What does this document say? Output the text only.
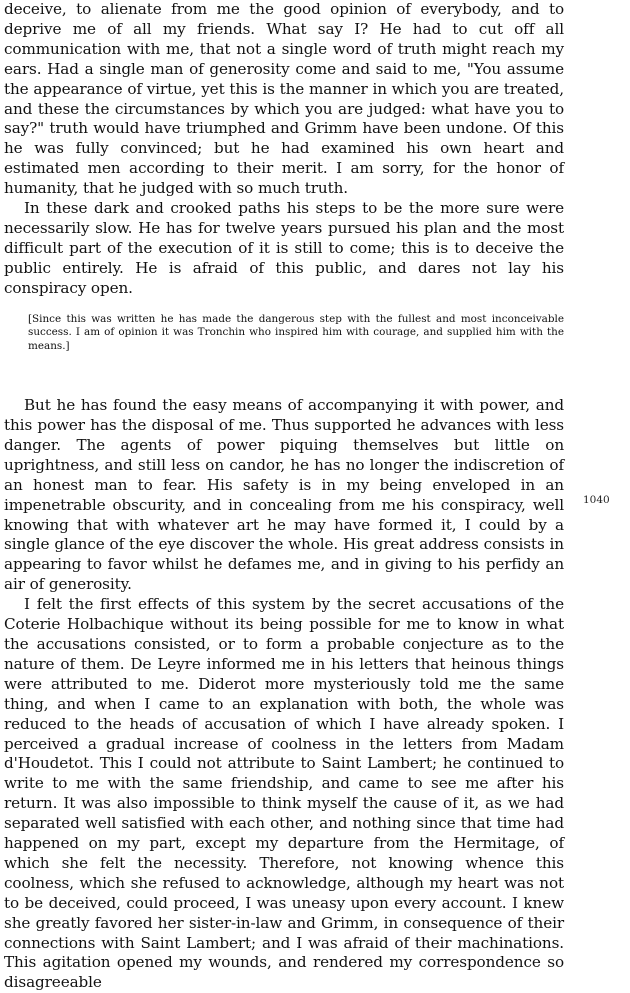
deceive, to alienate from me the good opinion of everybody, and to deprive me of all my friends. What say I? He had to cut off all communication with me, that not a single word of truth might reach my ears. Had a single man of generosity come and said to me, "You assume the appearance of virtue, yet this is the manner in which you are treated, and these the circumstances by which you are judged: what have you to say?" truth would have triumphed and Grimm have been undone. Of this he was fully convinced; but he had examined his own heart and estimated men according to their merit. I am sorry, for the honor of humanity, that he judged with so much truth.

In these dark and crooked paths his steps to be the more sure were necessarily slow. He has for twelve years pursued his plan and the most difficult part of the execution of it is still to come; this is to deceive the public entirely. He is afraid of this public, and dares not lay his conspiracy open.

[Since this was written he has made the dangerous step with the fullest and most inconceivable success. I am of opinion it was Tronchin who inspired him with courage, and supplied him with the means.]

But he has found the easy means of accompanying it with power, and this power has the disposal of me. Thus supported he advances with less danger. The agents of power piquing themselves but little on uprightness, and still less on candor, he has no longer the indiscretion of an honest man to fear. His safety is in my being enveloped in an impenetrable obscurity, and in concealing from me his conspiracy, well knowing that with whatever art he may have formed it, I could by a single glance of the eye discover the whole. His great address consists in appearing to favor whilst he defames me, and in giving to his perfidy an air of generosity.

I felt the first effects of this system by the secret accusations of the Coterie Holbachique without its being possible for me to know in what the accusations consisted, or to form a probable conjecture as to the nature of them. De Leyre informed me in his letters that heinous things were attributed to me. Diderot more mysteriously told me the same thing, and when I came to an explanation with both, the whole was reduced to the heads of accusation of which I have already spoken. I perceived a gradual increase of coolness in the letters from Madam d'Houdetot. This I could not attribute to Saint Lambert; he continued to write to me with the same friendship, and came to see me after his return. It was also impossible to think myself the cause of it, as we had separated well satisfied with each other, and nothing since that time had happened on my part, except my departure from the Hermitage, of which she felt the necessity. Therefore, not knowing whence this coolness, which she refused to acknowledge, although my heart was not to be deceived, could proceed, I was uneasy upon every account. I knew she greatly favored her sister-in-law and Grimm, in consequence of their connections with Saint Lambert; and I was afraid of their machinations. This agitation opened my wounds, and rendered my correspondence so disagreeable

1040
